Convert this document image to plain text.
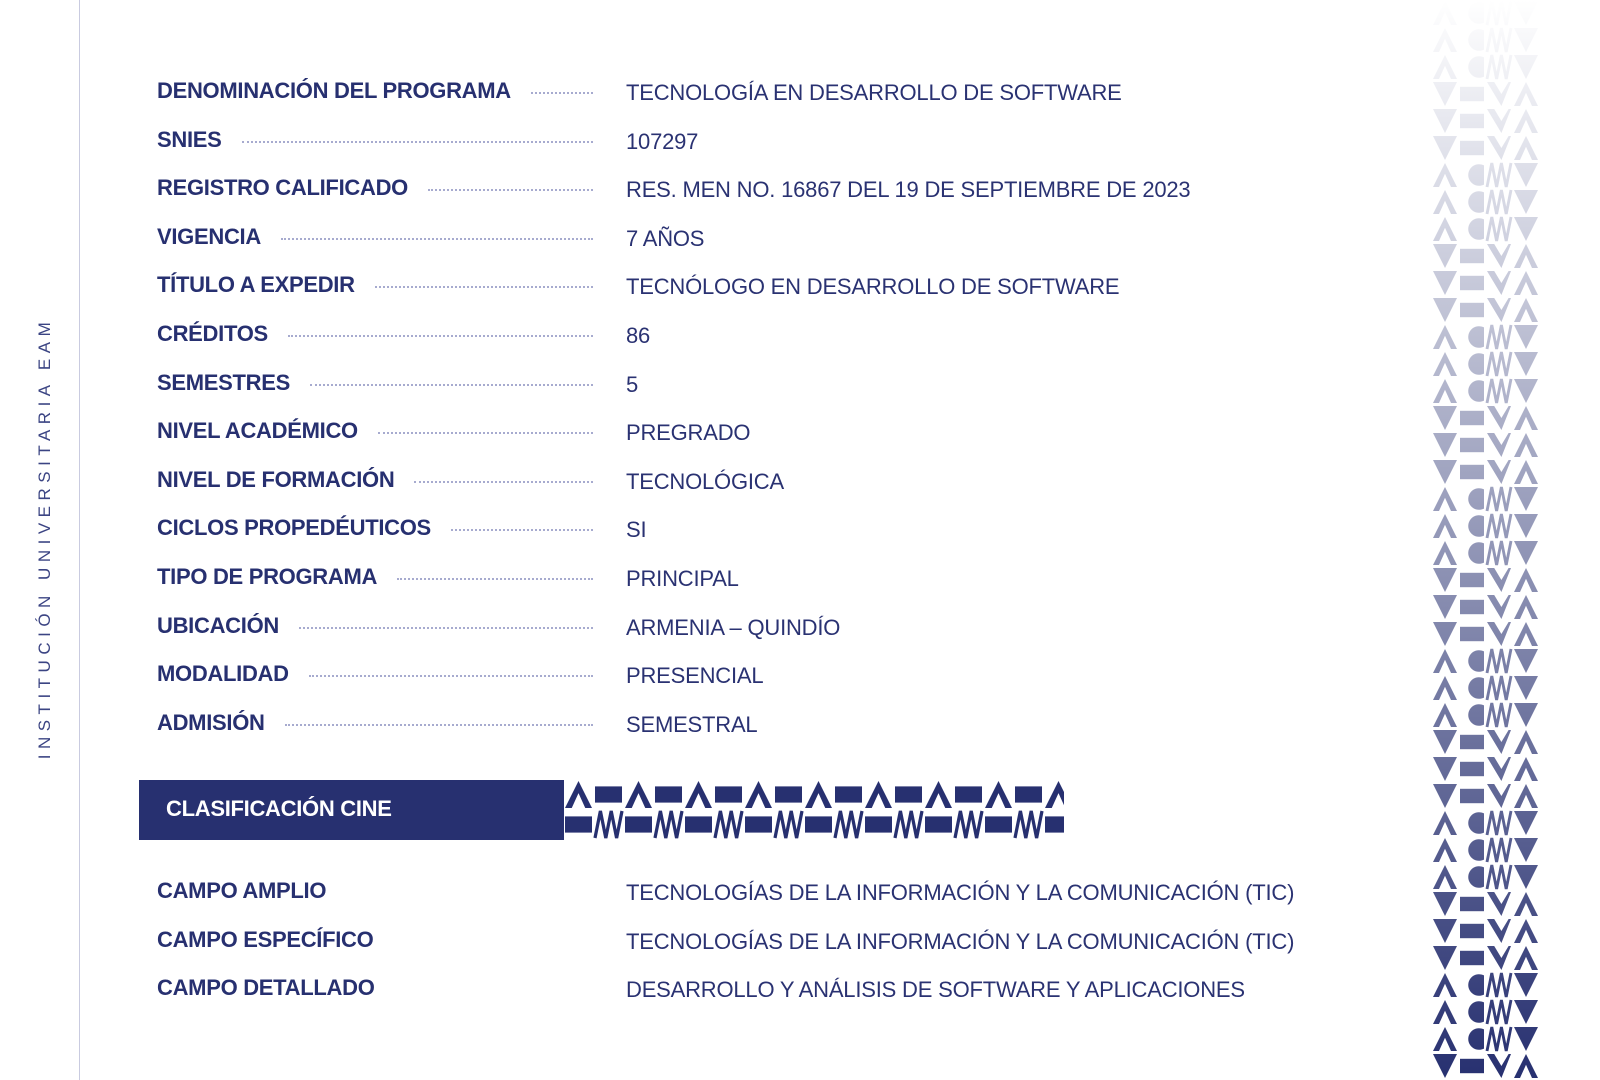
INSTITUCIÓN UNIVERSITARIA EAM
DENOMINACIÓN DEL PROGRAMA	TECNOLOGÍA EN DESARROLLO DE SOFTWARE
SNIES	107297
REGISTRO CALIFICADO	RES. MEN NO. 16867 DEL 19 DE SEPTIEMBRE DE 2023
VIGENCIA	7 AÑOS
TÍTULO A EXPEDIR	TECNÓLOGO EN DESARROLLO DE SOFTWARE
CRÉDITOS	86
SEMESTRES	5
NIVEL ACADÉMICO	PREGRADO
NIVEL DE FORMACIÓN	TECNOLÓGICA
CICLOS PROPEDÉUTICOS	SI
TIPO DE PROGRAMA	PRINCIPAL
UBICACIÓN	ARMENIA – QUINDÍO
MODALIDAD	PRESENCIAL
ADMISIÓN	SEMESTRAL
CLASIFICACIÓN CINE
CAMPO AMPLIO	TECNOLOGÍAS DE LA INFORMACIÓN Y LA COMUNICACIÓN (TIC)
CAMPO ESPECÍFICO	TECNOLOGÍAS DE LA INFORMACIÓN Y LA COMUNICACIÓN (TIC)
CAMPO DETALLADO	DESARROLLO Y ANÁLISIS DE SOFTWARE Y APLICACIONES
